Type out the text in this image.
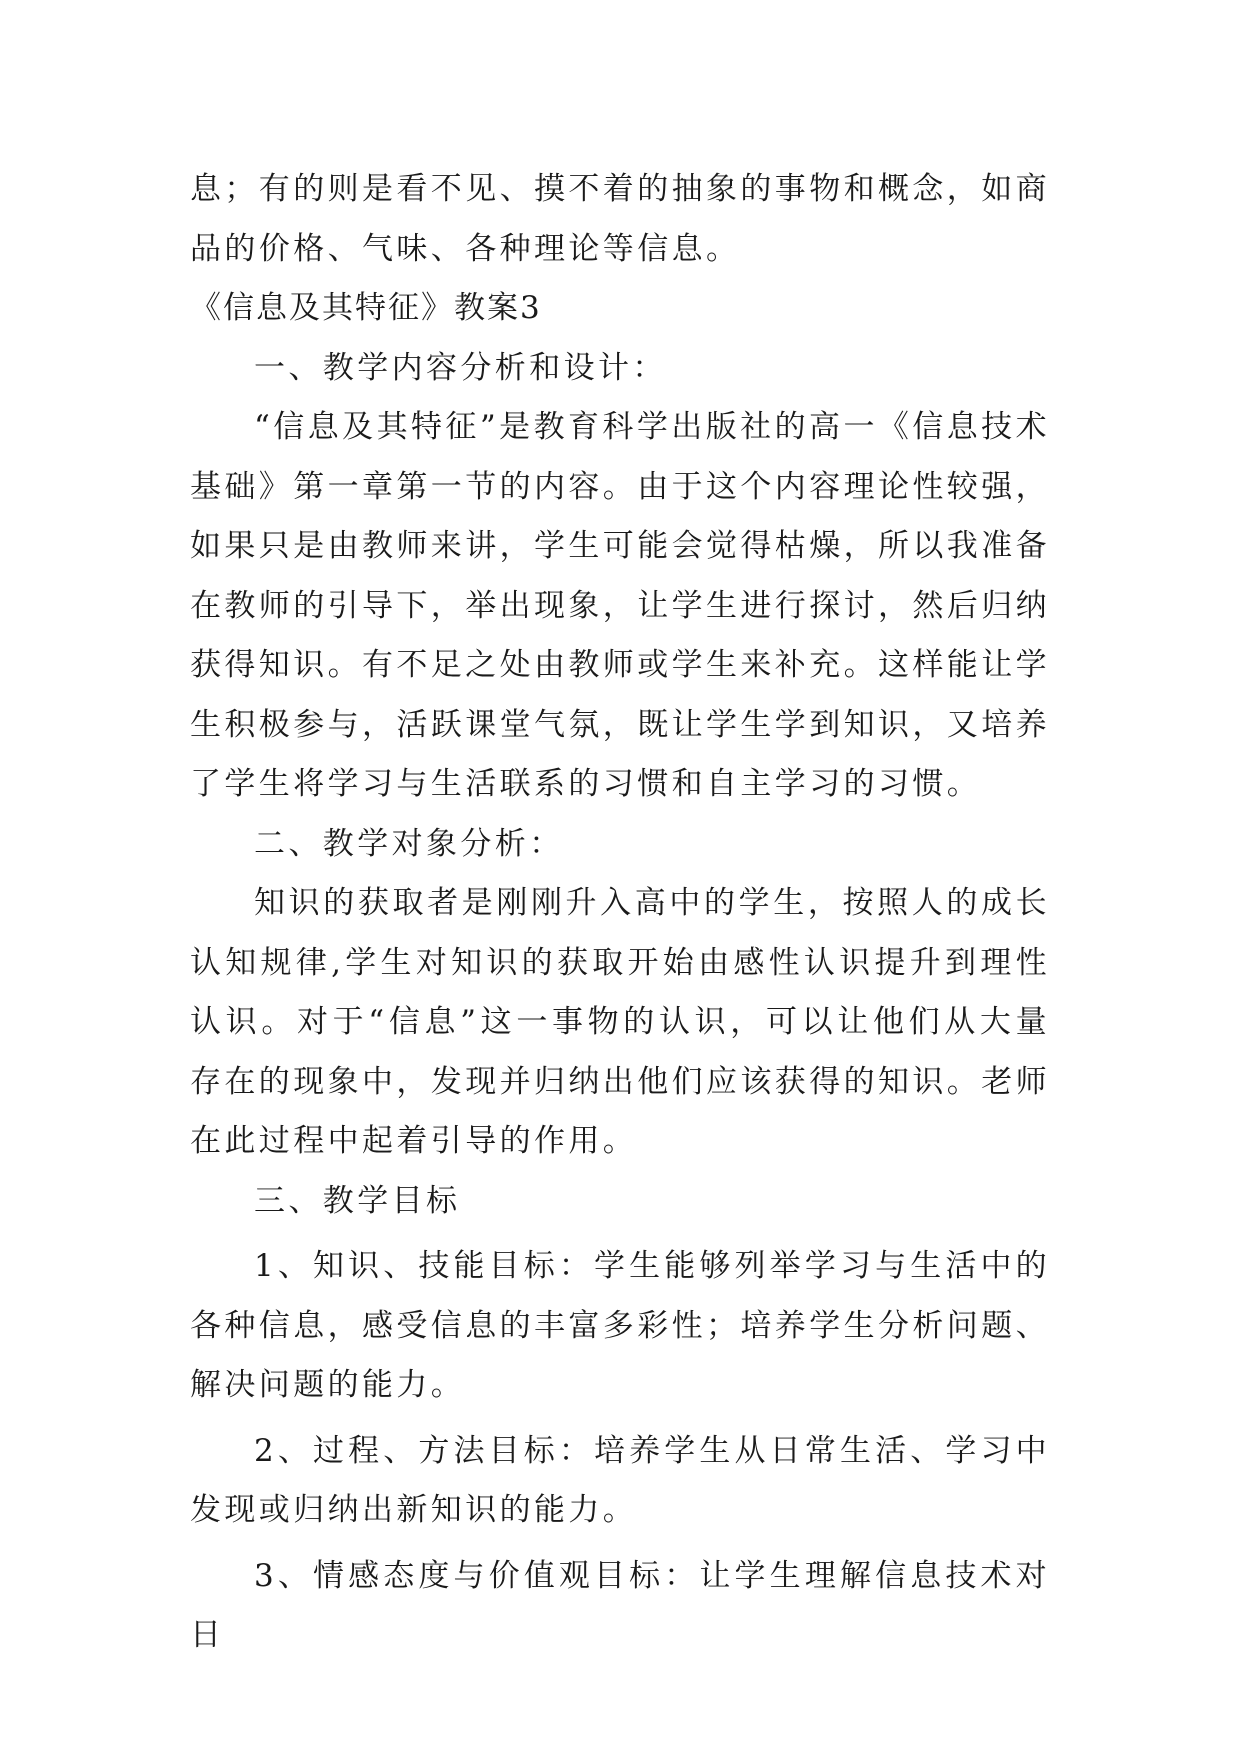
息；有的则是看不见、摸不着的抽象的事物和概念，如商品的价格、气味、各种理论等信息。

《信息及其特征》教案3

一、教学内容分析和设计：

“信息及其特征”是教育科学出版社的高一《信息技术基础》第一章第一节的内容。由于这个内容理论性较强，如果只是由教师来讲，学生可能会觉得枯燥，所以我准备在教师的引导下，举出现象，让学生进行探讨，然后归纳获得知识。有不足之处由教师或学生来补充。这样能让学生积极参与，活跃课堂气氛，既让学生学到知识，又培养了学生将学习与生活联系的习惯和自主学习的习惯。

二、教学对象分析：

知识的获取者是刚刚升入高中的学生，按照人的成长认知规律,学生对知识的获取开始由感性认识提升到理性认识。对于“信息”这一事物的认识，可以让他们从大量存在的现象中，发现并归纳出他们应该获得的知识。老师在此过程中起着引导的作用。

三、教学目标

1、知识、技能目标：学生能够列举学习与生活中的各种信息，感受信息的丰富多彩性；培养学生分析问题、解决问题的能力。

2、过程、方法目标：培养学生从日常生活、学习中发现或归纳出新知识的能力。

3、情感态度与价值观目标：让学生理解信息技术对日
